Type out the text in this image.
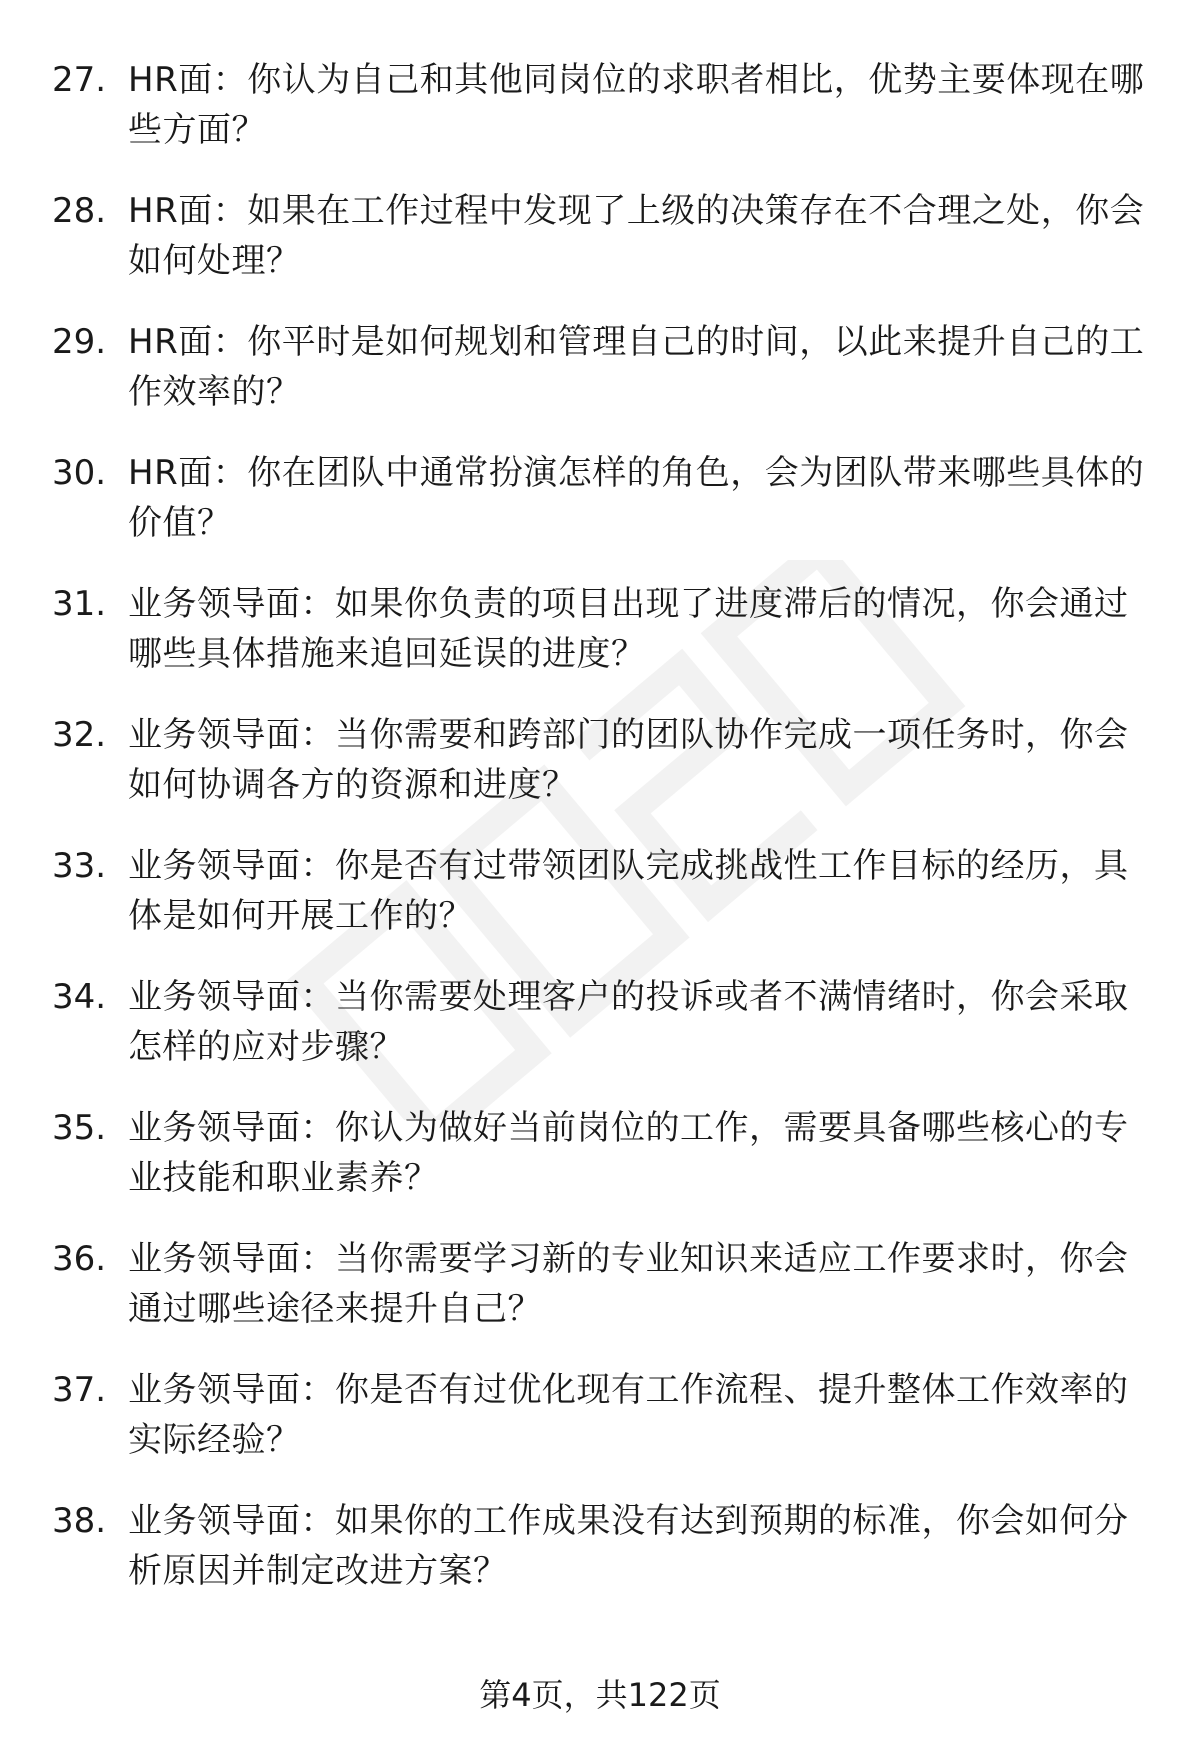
27. HR面：你认为自己和其他同岗位的求职者相比，优势主要体现在哪些方面？
28. HR面：如果在工作过程中发现了上级的决策存在不合理之处，你会如何处理？
29. HR面：你平时是如何规划和管理自己的时间，以此来提升自己的工作效率的？
30. HR面：你在团队中通常扮演怎样的角色，会为团队带来哪些具体的价值？
31. 业务领导面：如果你负责的项目出现了进度滞后的情况，你会通过哪些具体措施来追回延误的进度？
32. 业务领导面：当你需要和跨部门的团队协作完成一项任务时，你会如何协调各方的资源和进度？
33. 业务领导面：你是否有过带领团队完成挑战性工作目标的经历，具体是如何开展工作的？
34. 业务领导面：当你需要处理客户的投诉或者不满情绪时，你会采取怎样的应对步骤？
35. 业务领导面：你认为做好当前岗位的工作，需要具备哪些核心的专业技能和职业素养？
36. 业务领导面：当你需要学习新的专业知识来适应工作要求时，你会通过哪些途径来提升自己？
37. 业务领导面：你是否有过优化现有工作流程、提升整体工作效率的实际经验？
38. 业务领导面：如果你的工作成果没有达到预期的标准，你会如何分析原因并制定改进方案？
第4页，共122页
